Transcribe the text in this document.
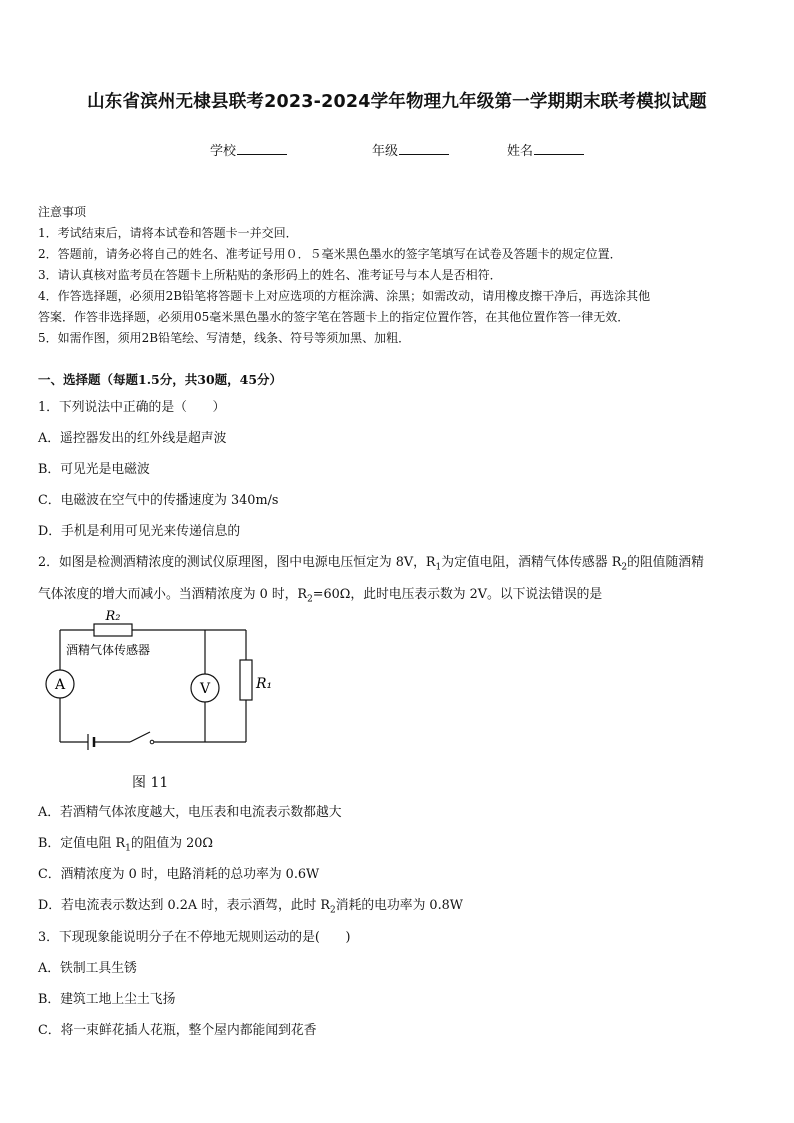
山东省滨州无棣县联考2023-2024学年物理九年级第一学期期末联考模拟试题
学校	年级	姓名
注意事项
1．考试结束后，请将本试卷和答题卡一并交回．
2．答题前，请务必将自己的姓名、准考证号用０．５毫米黑色墨水的签字笔填写在试卷及答题卡的规定位置．
3．请认真核对监考员在答题卡上所粘贴的条形码上的姓名、准考证号与本人是否相符．
4．作答选择题，必须用2B铅笔将答题卡上对应选项的方框涂满、涂黑；如需改动，请用橡皮擦干净后，再选涂其他
答案．作答非选择题，必须用05毫米黑色墨水的签字笔在答题卡上的指定位置作答，在其他位置作答一律无效．
5．如需作图，须用2B铅笔绘、写清楚，线条、符号等须加黑、加粗．
一、选择题（每题1.5分，共30题，45分）
1．下列说法中正确的是（　　）
A．遥控器发出的红外线是超声波
B．可见光是电磁波
C．电磁波在空气中的传播速度为 340m/s
D．手机是利用可见光来传递信息的
2．如图是检测酒精浓度的测试仪原理图，图中电源电压恒定为 8V，$R_1$为定值电阻，酒精气体传感器 $R_2$的阻值随酒精
气体浓度的增大而减小。当酒精浓度为 0 时，$R_2=60\Omega$，此时电压表示数为 2V。以下说法错误的是
A	V
R₂
酒精气体传感器
R₁
图 11
A．若酒精气体浓度越大，电压表和电流表示数都越大
B．定值电阻 $R_1$的阻值为 20Ω
C．酒精浓度为 0 时，电路消耗的总功率为 0.6W
D．若电流表示数达到 0.2A 时，表示酒驾，此时 $R_2$消耗的电功率为 0.8W
3．下现现象能说明分子在不停地无规则运动的是(　　)
A．铁制工具生锈
B．建筑工地上尘土飞扬
C．将一束鲜花插人花瓶，整个屋内都能闻到花香
